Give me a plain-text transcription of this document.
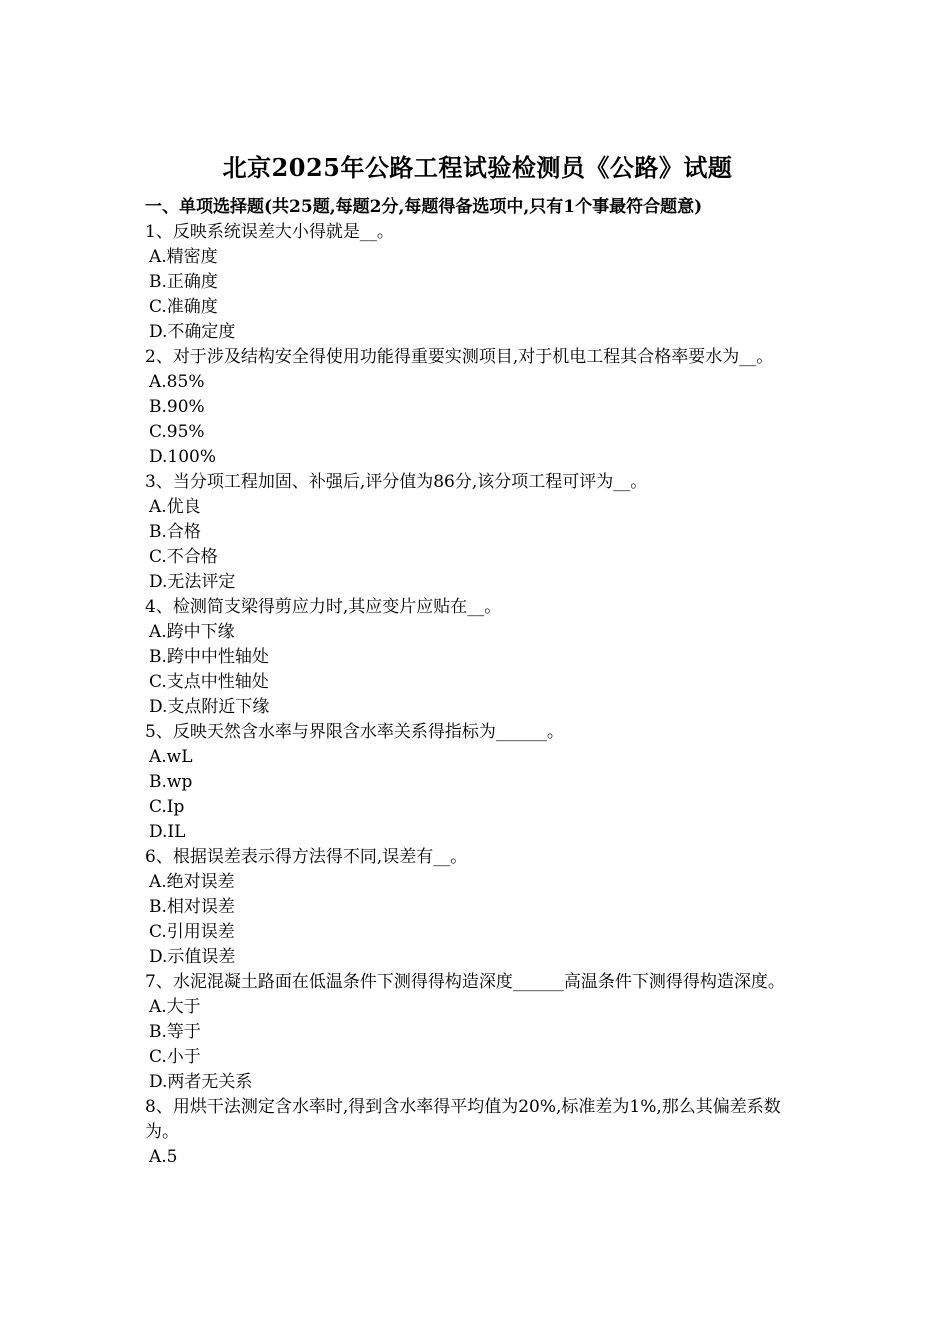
北京2025年公路工程试验检测员《公路》试题

一、单项选择题(共25题,每题2分,每题得备选项中,只有1个事最符合题意)

1、反映系统误差大小得就是__。

A.精密度
B.正确度
C.准确度
D.不确定度

2、对于涉及结构安全得使用功能得重要实测项目,对于机电工程其合格率要水为__。

A.85%
B.90%
C.95%
D.100%

3、当分项工程加固、补强后,评分值为86分,该分项工程可评为__。

A.优良
B.合格
C.不合格
D.无法评定

4、检测简支梁得剪应力时,其应变片应贴在__。

A.跨中下缘
B.跨中中性轴处
C.支点中性轴处
D.支点附近下缘

5、反映天然含水率与界限含水率关系得指标为______。

A.wL
B.wp
C.Ip
D.IL

6、根据误差表示得方法得不同,误差有__。

A.绝对误差
B.相对误差
C.引用误差
D.示值误差

7、水泥混凝土路面在低温条件下测得得构造深度______高温条件下测得得构造深度。

A.大于
B.等于
C.小于
D.两者无关系

8、用烘干法测定含水率时,得到含水率得平均值为20%,标准差为1%,那么其偏差系数为。

A.5
